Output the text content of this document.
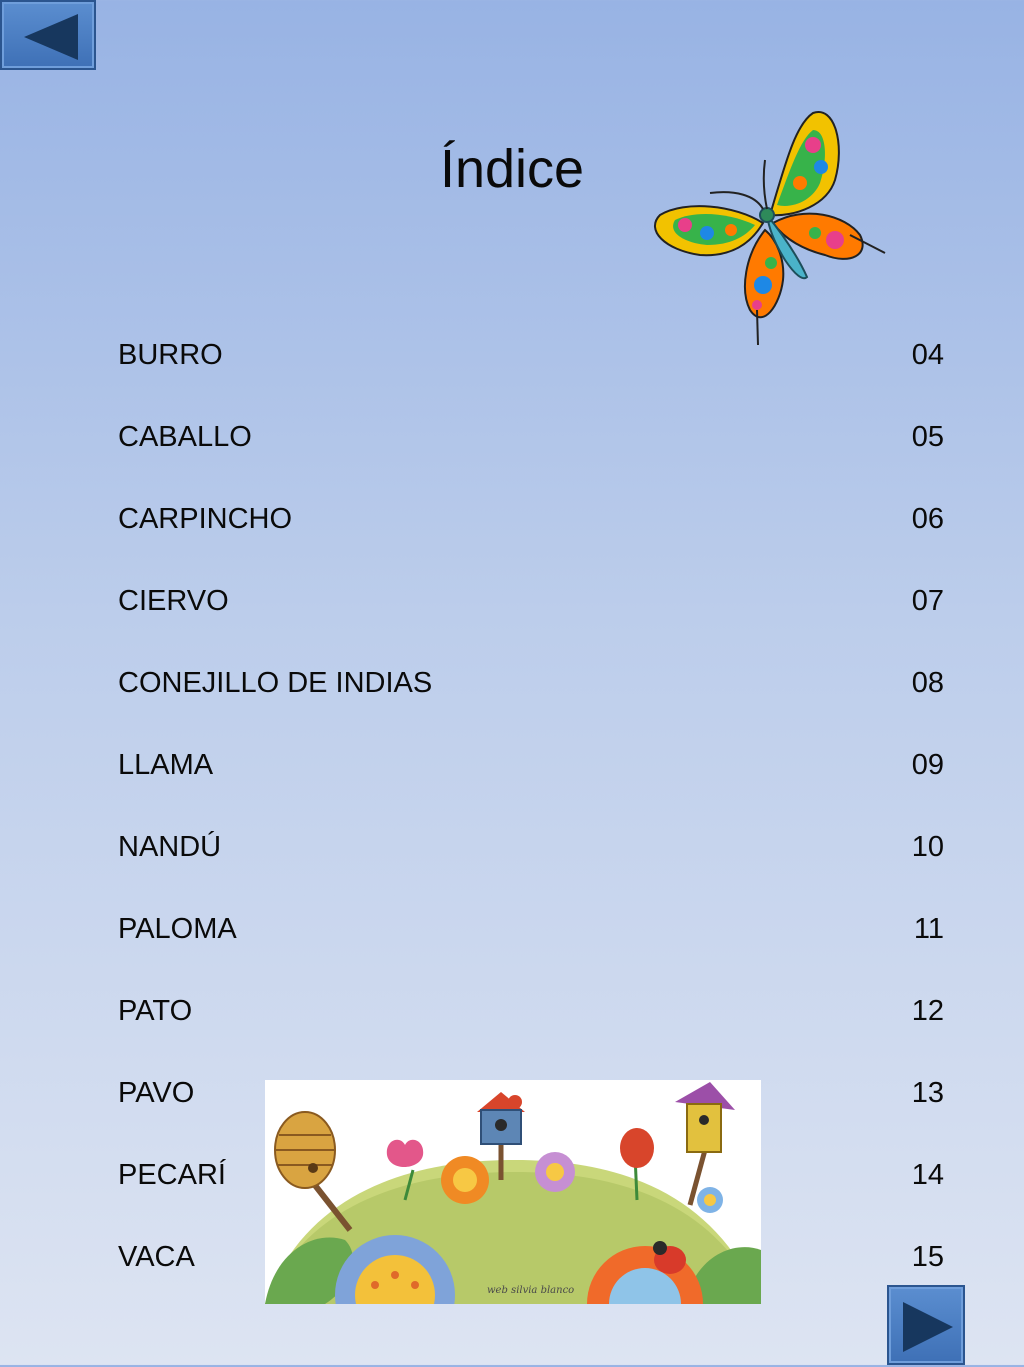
Índice
BURRO	04
CABALLO	05
CARPINCHO	06
CIERVO	07
CONEJILLO DE INDIAS	08
LLAMA	09
NANDÚ	10
PALOMA	11
PATO	12
PAVO	13
PECARÍ	14
VACA	15
web silvia blanco
